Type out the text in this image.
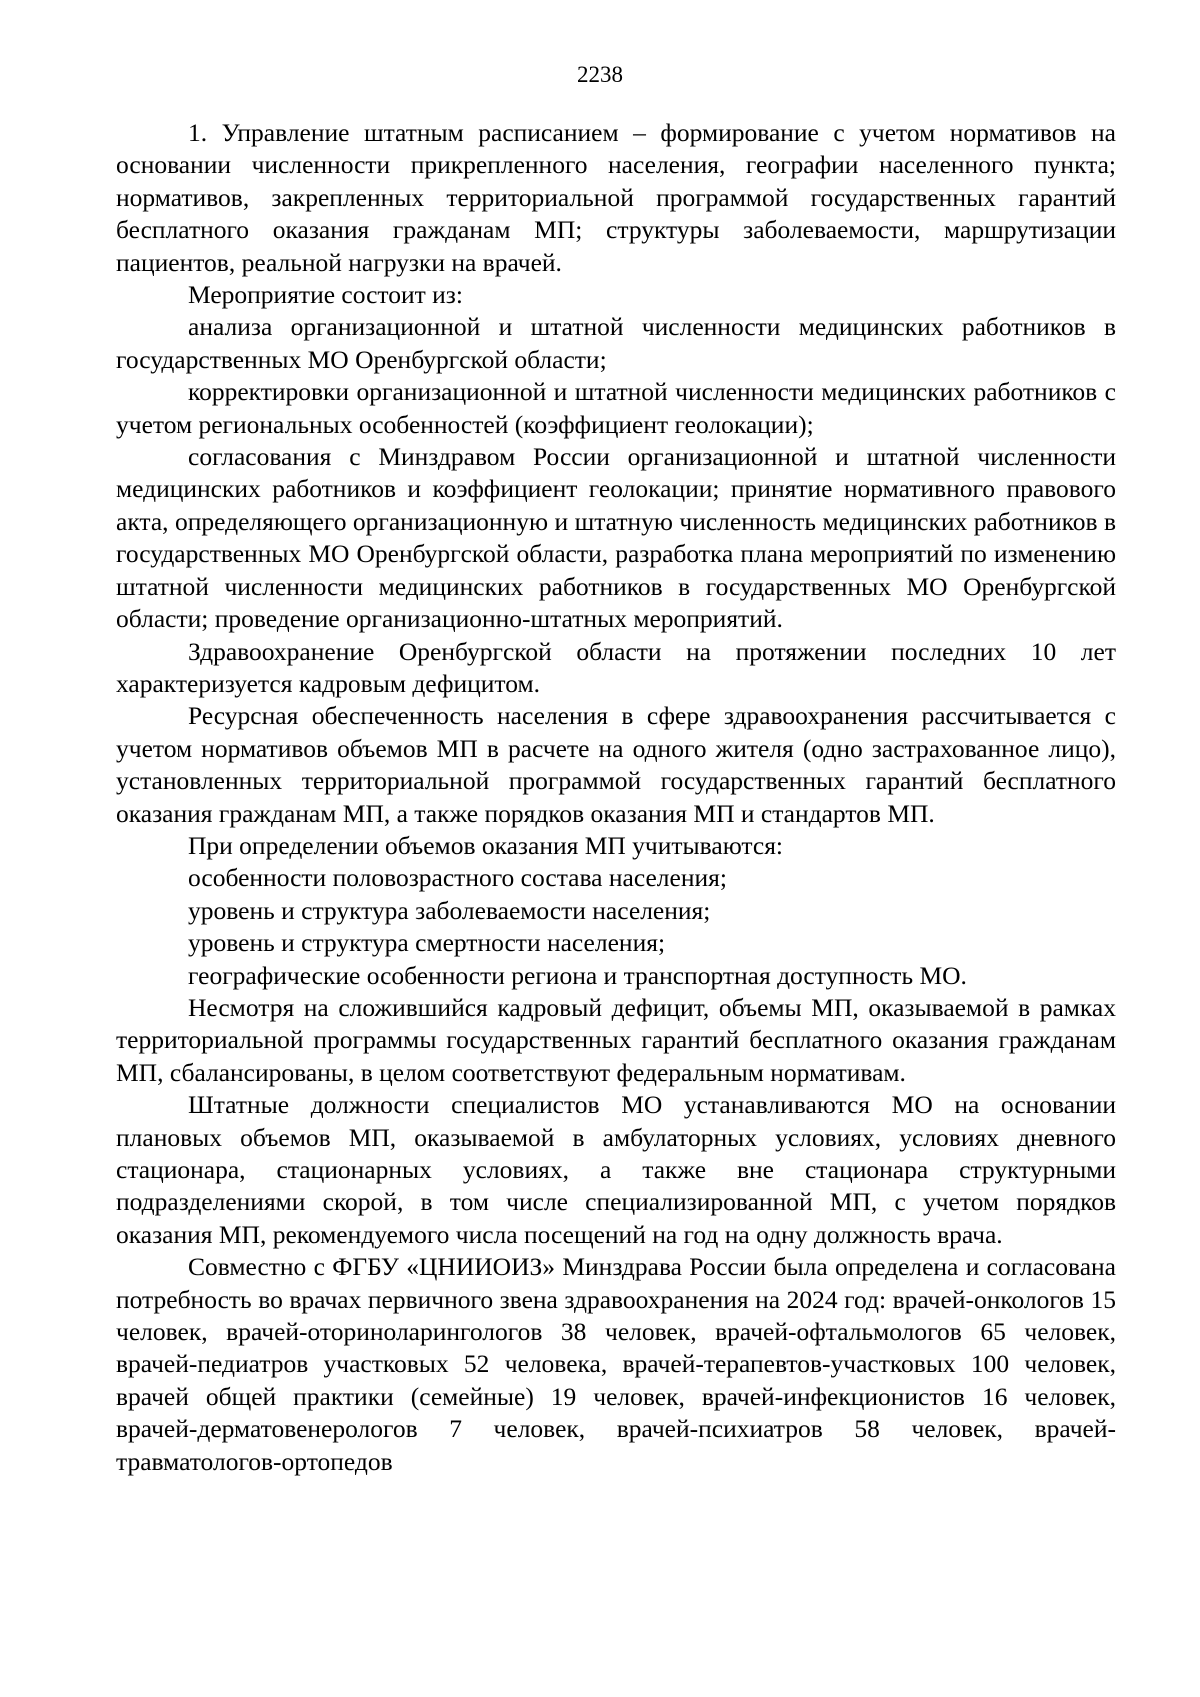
2238

1. Управление штатным расписанием – формирование с учетом нормативов на основании численности прикрепленного населения, географии населенного пункта; нормативов, закрепленных территориальной программой государственных гарантий бесплатного оказания гражданам МП; структуры заболеваемости, маршрутизации пациентов, реальной нагрузки на врачей.

Мероприятие состоит из:

анализа организационной и штатной численности медицинских работников в государственных МО Оренбургской области;

корректировки организационной и штатной численности медицинских работников с учетом региональных особенностей (коэффициент геолокации);

согласования с Минздравом России организационной и штатной численности медицинских работников и коэффициент геолокации; принятие нормативного правового акта, определяющего организационную и штатную численность медицинских работников в государственных МО Оренбургской области, разработка плана мероприятий по изменению штатной численности медицинских работников в государственных МО Оренбургской области; проведение организационно-штатных мероприятий.

Здравоохранение Оренбургской области на протяжении последних 10 лет характеризуется кадровым дефицитом.

Ресурсная обеспеченность населения в сфере здравоохранения рассчитывается с учетом нормативов объемов МП в расчете на одного жителя (одно застрахованное лицо), установленных территориальной программой государственных гарантий бесплатного оказания гражданам МП, а также порядков оказания МП и стандартов МП.

При определении объемов оказания МП учитываются:

особенности половозрастного состава населения;

уровень и структура заболеваемости населения;

уровень и структура смертности населения;

географические особенности региона и транспортная доступность МО.

Несмотря на сложившийся кадровый дефицит, объемы МП, оказываемой в рамках территориальной программы государственных гарантий бесплатного оказания гражданам МП, сбалансированы, в целом соответствуют федеральным нормативам.

Штатные должности специалистов МО устанавливаются МО на основании плановых объемов МП, оказываемой в амбулаторных условиях, условиях дневного стационара, стационарных условиях, а также вне стационара структурными подразделениями скорой, в том числе специализированной МП, с учетом порядков оказания МП, рекомендуемого числа посещений на год на одну должность врача.

Совместно с ФГБУ «ЦНИИОИЗ» Минздрава России была определена и согласована потребность во врачах первичного звена здравоохранения на 2024 год: врачей-онкологов 15 человек, врачей-оториноларингологов 38 человек, врачей-офтальмологов 65 человек, врачей-педиатров участковых 52 человека, врачей-терапевтов-участковых 100 человек, врачей общей практики (семейные) 19 человек, врачей-инфекционистов 16 человек, врачей-дерматовенерологов 7 человек, врачей-психиатров 58 человек, врачей-травматологов-ортопедов
